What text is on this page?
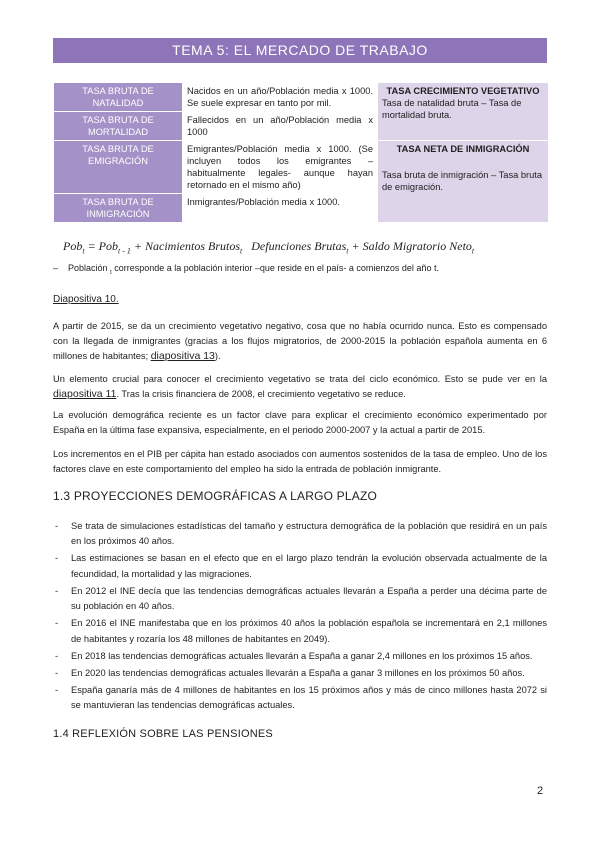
TEMA 5: EL MERCADO DE TRABAJO
TASA BRUTA DE NATALIDAD	Nacidos en un año/Población media x 1000. Se suele expresar en tanto por mil.	TASA CRECIMIENTO VEGETATIVO
Tasa de natalidad bruta – Tasa de mortalidad bruta.

TASA BRUTA DE MORTALIDAD	Fallecidos en un año/Población media x 1000	
TASA BRUTA DE EMIGRACIÓN	Emigrantes/Población media x 1000. (Se incluyen todos los emigrantes – habitualmente legales- aunque hayan retornado en el mismo año)	TASA NETA DE INMIGRACIÓN
Tasa bruta de inmigración – Tasa bruta de emigración.

TASA BRUTA DE INMIGRACIÓN	Inmigrantes/Población media x 1000.	
Pob$_t$ = Pob$_{t - 1}$ + Nacimientos Brutos$_t$ Defunciones Brutas$_t$ + Saldo Migratorio Neto$_t$
–    Población $_t$ corresponde a la población interior –que reside en el país- a comienzos del año t.

Diapositiva 10.

A partir de 2015, se da un crecimiento vegetativo negativo, cosa que no había ocurrido nunca. Esto es compensado con la llegada de inmigrantes (gracias a los flujos migratorios, de 2000-2015 la población española aumenta en 6 millones de habitantes; diapositiva 13).

Un elemento crucial para conocer el crecimiento vegetativo se trata del ciclo económico. Esto se pude ver en la diapositiva 11. Tras la crisis financiera de 2008, el crecimiento vegetativo se reduce.

La evolución demográfica reciente es un factor clave para explicar el crecimiento económico experimentado por España en la última fase expansiva, especialmente, en el periodo 2000-2007 y la actual a partir de 2015.

Los incrementos en el PIB per cápita han estado asociados con aumentos sostenidos de la tasa de empleo. Uno de los factores clave en este comportamiento del empleo ha sido la entrada de población inmigrante.

1.3 PROYECCIONES DEMOGRÁFICAS A LARGO PLAZO
- Se trata de simulaciones estadísticas del tamaño y estructura demográfica de la población que residirá en un país en los próximos 40 años.
- Las estimaciones se basan en el efecto que en el largo plazo tendrán la evolución observada actualmente de la fecundidad, la mortalidad y las migraciones.
- En 2012 el INE decía que las tendencias demográficas actuales llevarán a España a perder una décima parte de su población en 40 años.
- En 2016 el INE manifestaba que en los próximos 40 años la población española se incrementará en 2,1 millones de habitantes y rozaría los 48 millones de habitantes en 2049).
- En 2018 las tendencias demográficas actuales llevarán a España a ganar 2,4 millones en los próximos 15 años.
- En 2020 las tendencias demográficas actuales llevarán a España a ganar 3 millones en los próximos 50 años.
- España ganaría más de 4 millones de habitantes en los 15 próximos años y más de cinco millones hasta 2072 si se mantuvieran las tendencias demográficas actuales.
1.4 REFLEXIÓN SOBRE LAS PENSIONES
2
